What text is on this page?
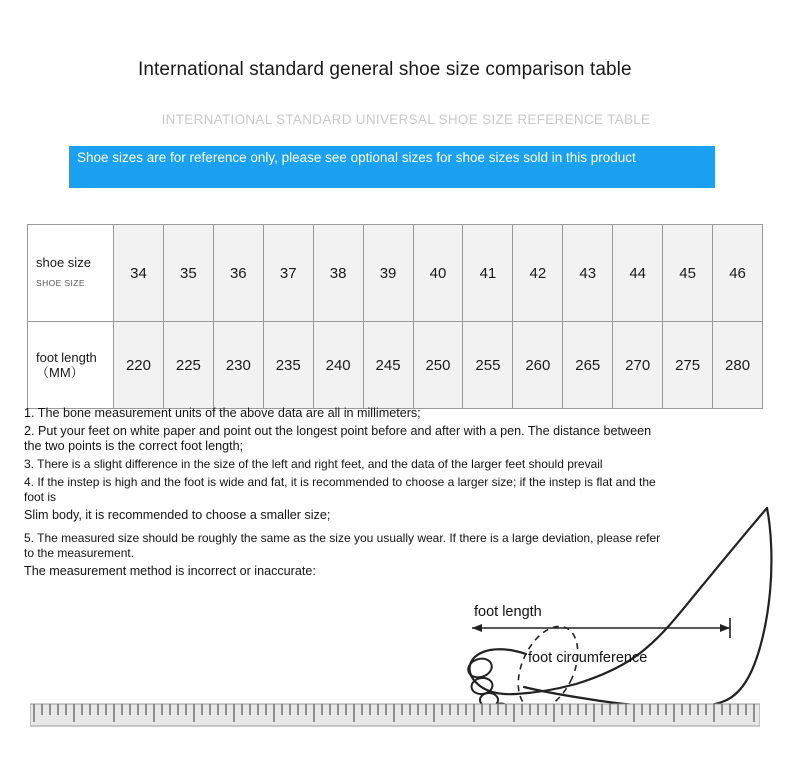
International standard general shoe size comparison table
INTERNATIONAL STANDARD UNIVERSAL SHOE SIZE REFERENCE TABLE
Shoe sizes are for reference only, please see optional sizes for shoe sizes sold in this product
shoe size
SHOE SIZE	34	35	36	37	38	39	40	41	42	43	44	45	46

foot length（MM）	220	225	230	235	240	245	250	255	260	265	270	275	280

1. The bone measurement units of the above data are all in millimeters;

2. Put your feet on white paper and point out the longest point before and after with a pen. The distance between the two points is the correct foot length;

3. There is a slight difference in the size of the left and right feet, and the data of the larger feet should prevail

4. If the instep is high and the foot is wide and fat, it is recommended to choose a larger size; if the instep is flat and the foot is

Slim body, it is recommended to choose a smaller size;

5. The measured size should be roughly the same as the size you usually wear. If there is a large deviation, please refer to the measurement.

The measurement method is incorrect or inaccurate:

foot length
foot circumference
